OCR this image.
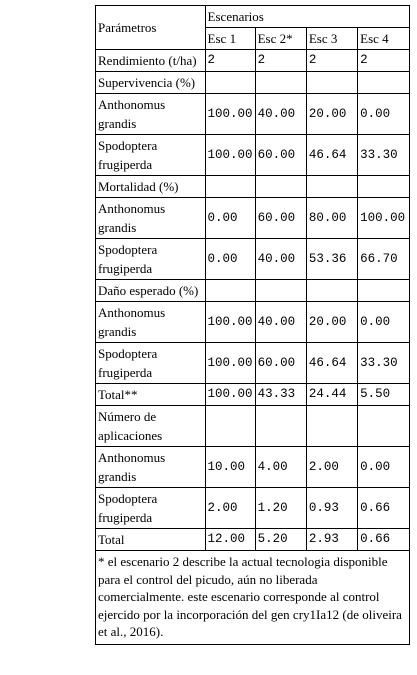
Parámetros	Escenarios			
	Esc 1	Esc 2*	Esc 3	Esc 4
Rendimiento (t/ha)	2	2	2	2
Supervivencia (%)				
Anthonomus grandis	100.00	40.00	20.00	0.00
Spodoptera frugiperda	100.00	60.00	46.64	33.30
Mortalidad (%)				
Anthonomus grandis	0.00	60.00	80.00	100.00
Spodoptera frugiperda	0.00	40.00	53.36	66.70
Daño esperado (%)				
Anthonomus grandis	100.00	40.00	20.00	0.00
Spodoptera frugiperda	100.00	60.00	46.64	33.30
Total**	100.00	43.33	24.44	5.50
Número de aplicaciones				
Anthonomus grandis	10.00	4.00	2.00	0.00
Spodoptera frugiperda	2.00	1.20	0.93	0.66
Total	12.00	5.20	2.93	0.66
* el escenario 2 describe la actual tecnologia disponible para el control del picudo, aún no liberada comercialmente. este escenario corresponde al control ejercido por la incorporación del gen cry1Ia12 (de oliveira et al., 2016).				
